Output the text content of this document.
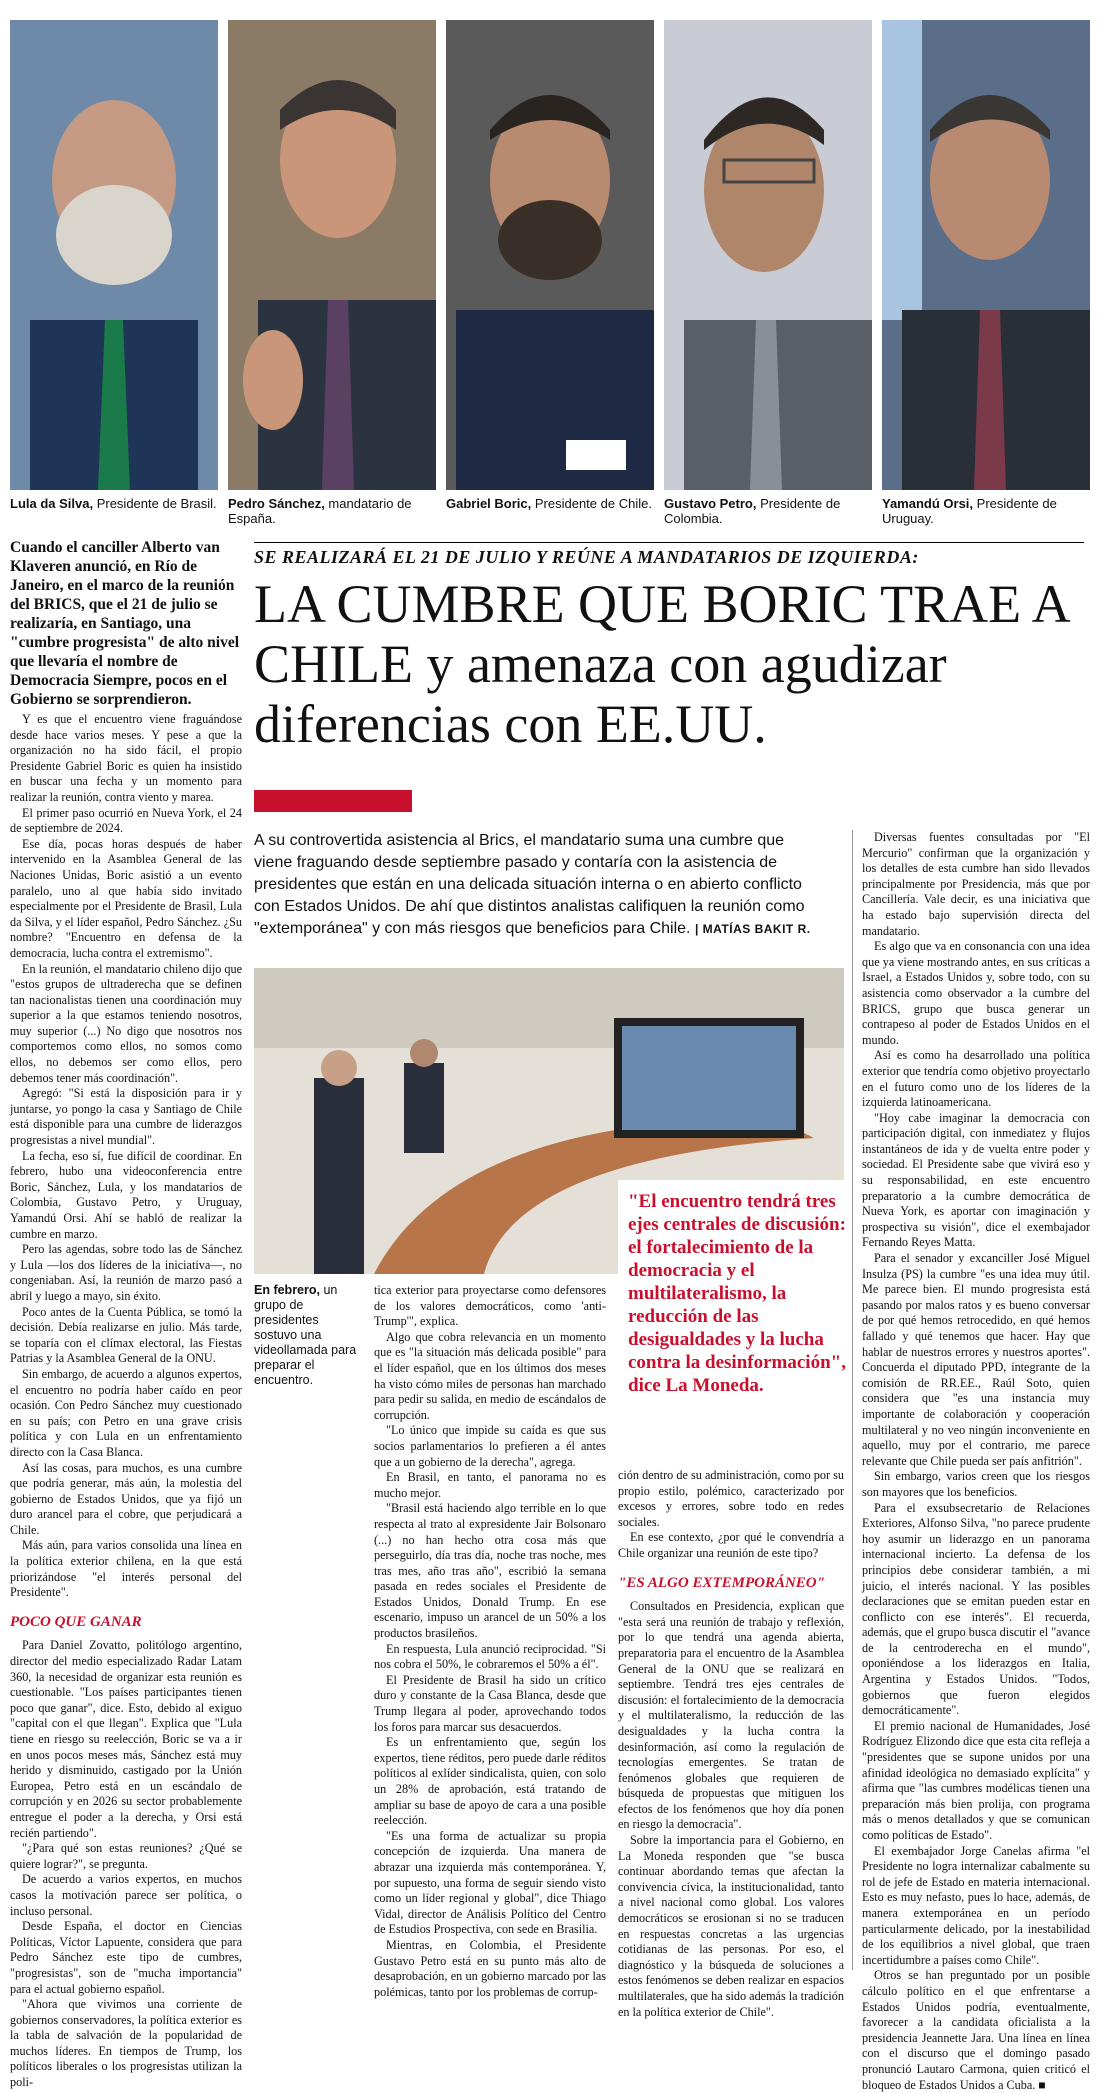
Lula da Silva, Presidente de Brasil. Pedro Sánchez, mandatario de España.
Gabriel Boric, Presidente de Chile. Gustavo Petro, Presidente de Colombia.
Yamandú Orsi, Presidente de Uruguay.
Cuando el canciller Alberto van Klaveren anunció, en Río de Janeiro, en el marco de la reunión del BRICS, que el 21 de julio se realizaría, en Santiago, una "cumbre progresista" de alto nivel que llevaría el nombre de Democracia Siempre, pocos en el Gobierno se sorprendieron.

Y es que el encuentro viene fraguándose desde hace varios meses. Y pese a que la organización no ha sido fácil, el propio Presidente Gabriel Boric es quien ha insistido en buscar una fecha y un momento para realizar la reunión, contra viento y marea.

El primer paso ocurrió en Nueva York, el 24 de septiembre de 2024.

Ese día, pocas horas después de haber intervenido en la Asamblea General de las Naciones Unidas, Boric asistió a un evento paralelo, uno al que había sido invitado especialmente por el Presidente de Brasil, Lula da Silva, y el líder español, Pedro Sánchez. ¿Su nombre? "Encuentro en defensa de la democracia, lucha contra el extremismo".

En la reunión, el mandatario chileno dijo que "estos grupos de ultraderecha que se definen tan nacionalistas tienen una coordinación muy superior a la que estamos teniendo nosotros, muy superior (...) No digo que nosotros nos comportemos como ellos, no somos como ellos, no debemos ser como ellos, pero debemos tener más coordinación".

Agregó: "Si está la disposición para ir y juntarse, yo pongo la casa y Santiago de Chile está disponible para una cumbre de liderazgos progresistas a nivel mundial".

La fecha, eso sí, fue difícil de coordinar. En febrero, hubo una videoconferencia entre Boric, Sánchez, Lula, y los mandatarios de Colombia, Gustavo Petro, y Uruguay, Yamandú Orsi. Ahí se habló de realizar la cumbre en marzo.

Pero las agendas, sobre todo las de Sánchez y Lula —los dos líderes de la iniciativa—, no congeniaban. Así, la reunión de marzo pasó a abril y luego a mayo, sin éxito.

Poco antes de la Cuenta Pública, se tomó la decisión. Debía realizarse en julio. Más tarde, se toparía con el clímax electoral, las Fiestas Patrias y la Asamblea General de la ONU.

Sin embargo, de acuerdo a algunos expertos, el encuentro no podría haber caído en peor ocasión. Con Pedro Sánchez muy cuestionado en su país; con Petro en una grave crisis política y con Lula en un enfrentamiento directo con la Casa Blanca.

Así las cosas, para muchos, es una cumbre que podría generar, más aún, la molestia del gobierno de Estados Unidos, que ya fijó un duro arancel para el cobre, que perjudicará a Chile.

Más aún, para varios consolida una línea en la política exterior chilena, en la que está priorizándose "el interés personal del Presidente".

POCO QUE GANAR

Para Daniel Zovatto, politólogo argentino, director del medio especializado Radar Latam 360, la necesidad de organizar esta reunión es cuestionable. "Los países participantes tienen poco que ganar", dice. Esto, debido al exiguo "capital con el que llegan". Explica que "Lula tiene en riesgo su reelección, Boric se va a ir en unos pocos meses más, Sánchez está muy herido y disminuido, castigado por la Unión Europea, Petro está en un escándalo de corrupción y en 2026 su sector probablemente entregue el poder a la derecha, y Orsi está recién partiendo".

"¿Para qué son estas reuniones? ¿Qué se quiere lograr?", se pregunta.

De acuerdo a varios expertos, en muchos casos la motivación parece ser política, o incluso personal.

Desde España, el doctor en Ciencias Políticas, Víctor Lapuente, considera que para Pedro Sánchez este tipo de cumbres, "progresistas", son de "mucha importancia" para el actual gobierno español.

"Ahora que vivimos una corriente de gobiernos conservadores, la política exterior es la tabla de salvación de la popularidad de muchos líderes. En tiempos de Trump, los políticos liberales o los progresistas utilizan la poli-

SE REALIZARÁ EL 21 DE JULIO Y REÚNE A MANDATARIOS DE IZQUIERDA:
LA CUMBRE QUE BORIC TRAE A CHILE y amenaza con agudizar diferencias con EE.UU.
A su controvertida asistencia al Brics, el mandatario suma una cumbre que viene fraguando desde septiembre pasado y contaría con la asistencia de presidentes que están en una delicada situación interna o en abierto conflicto con Estados Unidos. De ahí que distintos analistas califiquen la reunión como "extemporánea" y con más riesgos que beneficios para Chile. | MATÍAS BAKIT R.
En febrero, un grupo de presidentes sostuvo una videollamada para preparar el encuentro.
"El encuentro tendrá tres ejes centrales de discusión: el fortalecimiento de la democracia y el multilateralismo, la reducción de las desigualdades y la lucha contra la desinformación", dice La Moneda.

tica exterior para proyectarse como defensores de los valores democráticos, como 'anti-Trump'", explica.

Algo que cobra relevancia en un momento que es "la situación más delicada posible" para el líder español, que en los últimos dos meses ha visto cómo miles de personas han marchado para pedir su salida, en medio de escándalos de corrupción.

"Lo único que impide su caída es que sus socios parlamentarios lo prefieren a él antes que a un gobierno de la derecha", agrega.

En Brasil, en tanto, el panorama no es mucho mejor.

"Brasil está haciendo algo terrible en lo que respecta al trato al expresidente Jair Bolsonaro (...) no han hecho otra cosa más que perseguirlo, día tras día, noche tras noche, mes tras mes, año tras año", escribió la semana pasada en redes sociales el Presidente de Estados Unidos, Donald Trump. En ese escenario, impuso un arancel de un 50% a los productos brasileños.

En respuesta, Lula anunció reciprocidad. "Si nos cobra el 50%, le cobraremos el 50% a él".

El Presidente de Brasil ha sido un crítico duro y constante de la Casa Blanca, desde que Trump llegara al poder, aprovechando todos los foros para marcar sus desacuerdos.

Es un enfrentamiento que, según los expertos, tiene réditos, pero puede darle réditos políticos al exlíder sindicalista, quien, con solo un 28% de aprobación, está tratando de ampliar su base de apoyo de cara a una posible reelección.

"Es una forma de actualizar su propia concepción de izquierda. Una manera de abrazar una izquierda más contemporánea. Y, por supuesto, una forma de seguir siendo visto como un líder regional y global", dice Thiago Vidal, director de Análisis Político del Centro de Estudios Prospectiva, con sede en Brasilia.

Mientras, en Colombia, el Presidente Gustavo Petro está en su punto más alto de desaprobación, en un gobierno marcado por las polémicas, tanto por los problemas de corrup-

ción dentro de su administración, como por su propio estilo, polémico, caracterizado por excesos y errores, sobre todo en redes sociales.

En ese contexto, ¿por qué le convendría a Chile organizar una reunión de este tipo?

"ES ALGO EXTEMPORÁNEO"

Consultados en Presidencia, explican que "esta será una reunión de trabajo y reflexión, por lo que tendrá una agenda abierta, preparatoria para el encuentro de la Asamblea General de la ONU que se realizará en septiembre. Tendrá tres ejes centrales de discusión: el fortalecimiento de la democracia y el multilateralismo, la reducción de las desigualdades y la lucha contra la desinformación, así como la regulación de tecnologías emergentes. Se tratan de fenómenos globales que requieren de búsqueda de propuestas que mitiguen los efectos de los fenómenos que hoy día ponen en riesgo la democracia".

Sobre la importancia para el Gobierno, en La Moneda responden que "se busca continuar abordando temas que afectan la convivencia cívica, la institucionalidad, tanto a nivel nacional como global. Los valores democráticos se erosionan si no se traducen en respuestas concretas a las urgencias cotidianas de las personas. Por eso, el diagnóstico y la búsqueda de soluciones a estos fenómenos se deben realizar en espacios multilaterales, que ha sido además la tradición en la política exterior de Chile".

Diversas fuentes consultadas por "El Mercurio" confirman que la organización y los detalles de esta cumbre han sido llevados principalmente por Presidencia, más que por Cancillería. Vale decir, es una iniciativa que ha estado bajo supervisión directa del mandatario.

Es algo que va en consonancia con una idea que ya viene mostrando antes, en sus críticas a Israel, a Estados Unidos y, sobre todo, con su asistencia como observador a la cumbre del BRICS, grupo que busca generar un contrapeso al poder de Estados Unidos en el mundo.

Así es como ha desarrollado una política exterior que tendría como objetivo proyectarlo en el futuro como uno de los líderes de la izquierda latinoamericana.

"Hoy cabe imaginar la democracia con participación digital, con inmediatez y flujos instantáneos de ida y de vuelta entre poder y sociedad. El Presidente sabe que vivirá eso y su responsabilidad, en este encuentro preparatorio a la cumbre democrática de Nueva York, es aportar con imaginación y prospectiva su visión", dice el exembajador Fernando Reyes Matta.

Para el senador y excanciller José Miguel Insulza (PS) la cumbre "es una idea muy útil. Me parece bien. El mundo progresista está pasando por malos ratos y es bueno conversar de por qué hemos retrocedido, en qué hemos fallado y qué tenemos que hacer. Hay que hablar de nuestros errores y nuestros aportes". Concuerda el diputado PPD, integrante de la comisión de RR.EE., Raúl Soto, quien considera que "es una instancia muy importante de colaboración y cooperación multilateral y no veo ningún inconveniente en aquello, muy por el contrario, me parece relevante que Chile pueda ser país anfitrión".

Sin embargo, varios creen que los riesgos son mayores que los beneficios.

Para el exsubsecretario de Relaciones Exteriores, Alfonso Silva, "no parece prudente hoy asumir un liderazgo en un panorama internacional incierto. La defensa de los principios debe considerar también, a mi juicio, el interés nacional. Y las posibles declaraciones que se emitan pueden estar en conflicto con ese interés". El recuerda, además, que el grupo busca discutir el "avance de la centroderecha en el mundo", oponiéndose a los liderazgos en Italia, Argentina y Estados Unidos. "Todos, gobiernos que fueron elegidos democráticamente".

El premio nacional de Humanidades, José Rodríguez Elizondo dice que esta cita refleja a "presidentes que se supone unidos por una afinidad ideológica no demasiado explícita" y afirma que "las cumbres modélicas tienen una preparación más bien prolija, con programa más o menos detallados y que se comunican como políticas de Estado".

El exembajador Jorge Canelas afirma "el Presidente no logra internalizar cabalmente su rol de jefe de Estado en materia internacional. Esto es muy nefasto, pues lo hace, además, de manera extemporánea en un período particularmente delicado, por la inestabilidad de los equilibrios a nivel global, que traen incertidumbre a países como Chile".

Otros se han preguntado por un posible cálculo político en el que enfrentarse a Estados Unidos podría, eventualmente, favorecer a la candidata oficialista a la presidencia Jeannette Jara. Una línea en línea con el discurso que el domingo pasado pronunció Lautaro Carmona, quien criticó el bloqueo de Estados Unidos a Cuba. ■
